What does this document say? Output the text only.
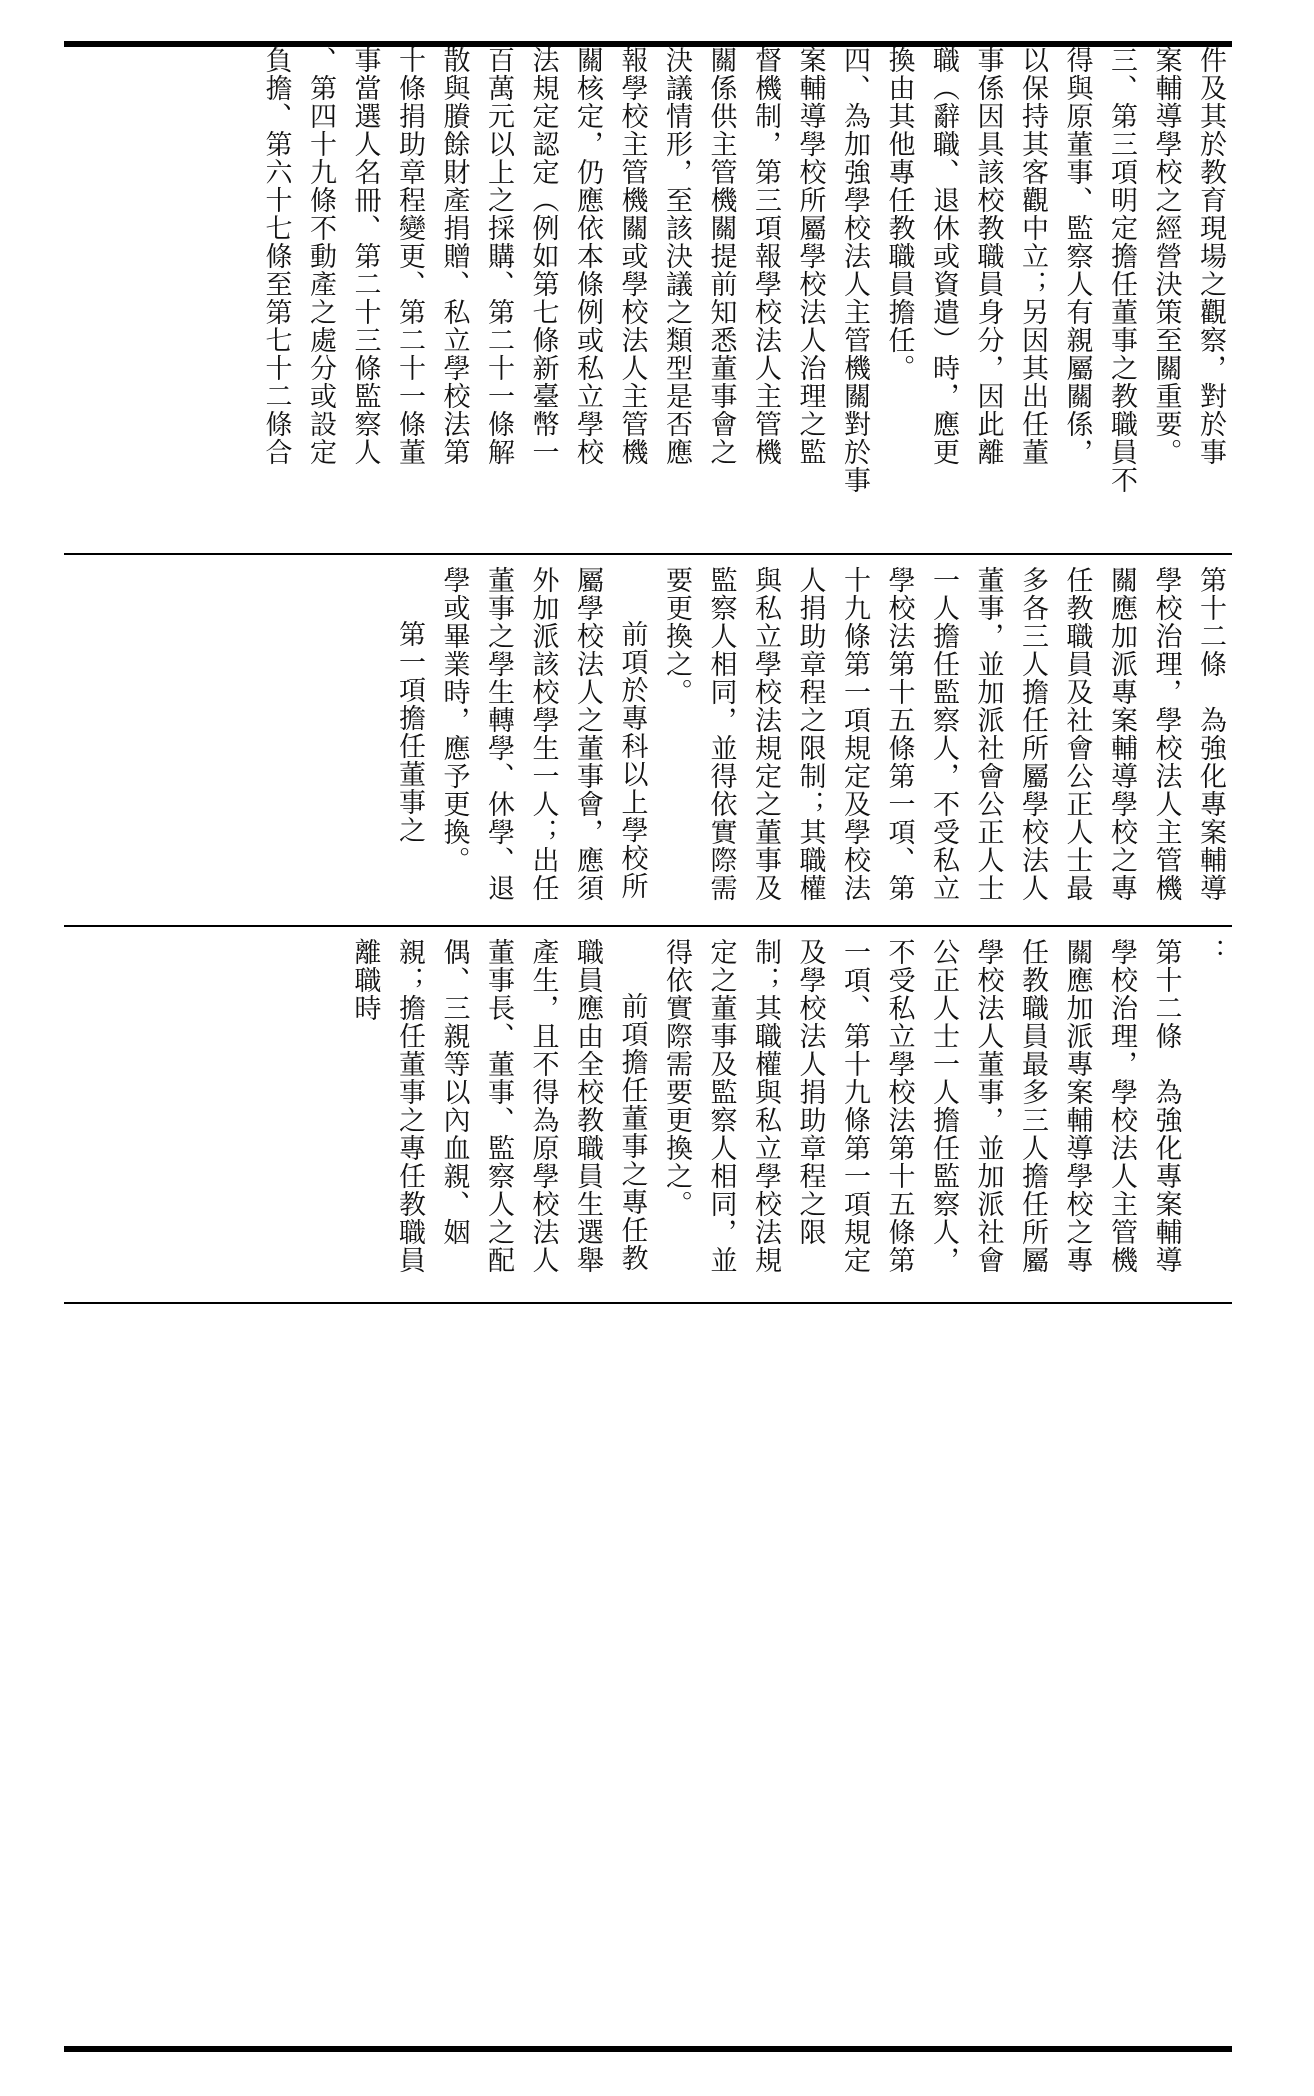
件及其於教育現場之觀察，對於事

案輔導學校之經營決策至關重要。

三、第三項明定擔任董事之教職員不

得與原董事、監察人有親屬關係，

以保持其客觀中立；另因其出任董

事係因具該校教職員身分，因此離

職（辭職、退休或資遣）時，應更

換由其他專任教職員擔任。

四、為加強學校法人主管機關對於事

案輔導學校所屬學校法人治理之監

督機制，第三項報學校法人主管機

關係供主管機關提前知悉董事會之

決議情形，至該決議之類型是否應

報學校主管機關或學校法人主管機

關核定，仍應依本條例或私立學校

法規定認定（例如第七條新臺幣一

百萬元以上之採購、第二十一條解

散與賸餘財產捐贈、私立學校法第

十條捐助章程變更、第二十一條董

事當選人名冊、第二十三條監察人

、第四十九條不動產之處分或設定

負擔、第六十七條至第七十二條合

第十二條　為強化專案輔導學校治理，學校法人主管機關應加派專案輔導學校之專任教職員及社會公正人士最多各三人擔任所屬學校法人董事，並加派社會公正人士一人擔任監察人，不受私立學校法第十五條第一項、第十九條第一項規定及學校法人捐助章程之限制；其職權與私立學校法規定之董事及監察人相同，並得依實際需要更換之。

前項於專科以上學校所屬學校法人之董事會，應須外加派該校學生一人；出任董事之學生轉學、休學、退學或畢業時，應予更換。

第一項擔任董事之

：

第十二條　為強化專案輔導學校治理，學校法人主管機關應加派專案輔導學校之專任教職員最多三人擔任所屬學校法人董事，並加派社會公正人士一人擔任監察人，不受私立學校法第十五條第一項、第十九條第一項規定及學校法人捐助章程之限制；其職權與私立學校法規定之董事及監察人相同，並得依實際需要更換之。

前項擔任董事之專任教職員應由全校教職員生選舉產生，且不得為原學校法人董事長、董事、監察人之配偶、三親等以內血親、姻親；擔任董事之專任教職員離職時
